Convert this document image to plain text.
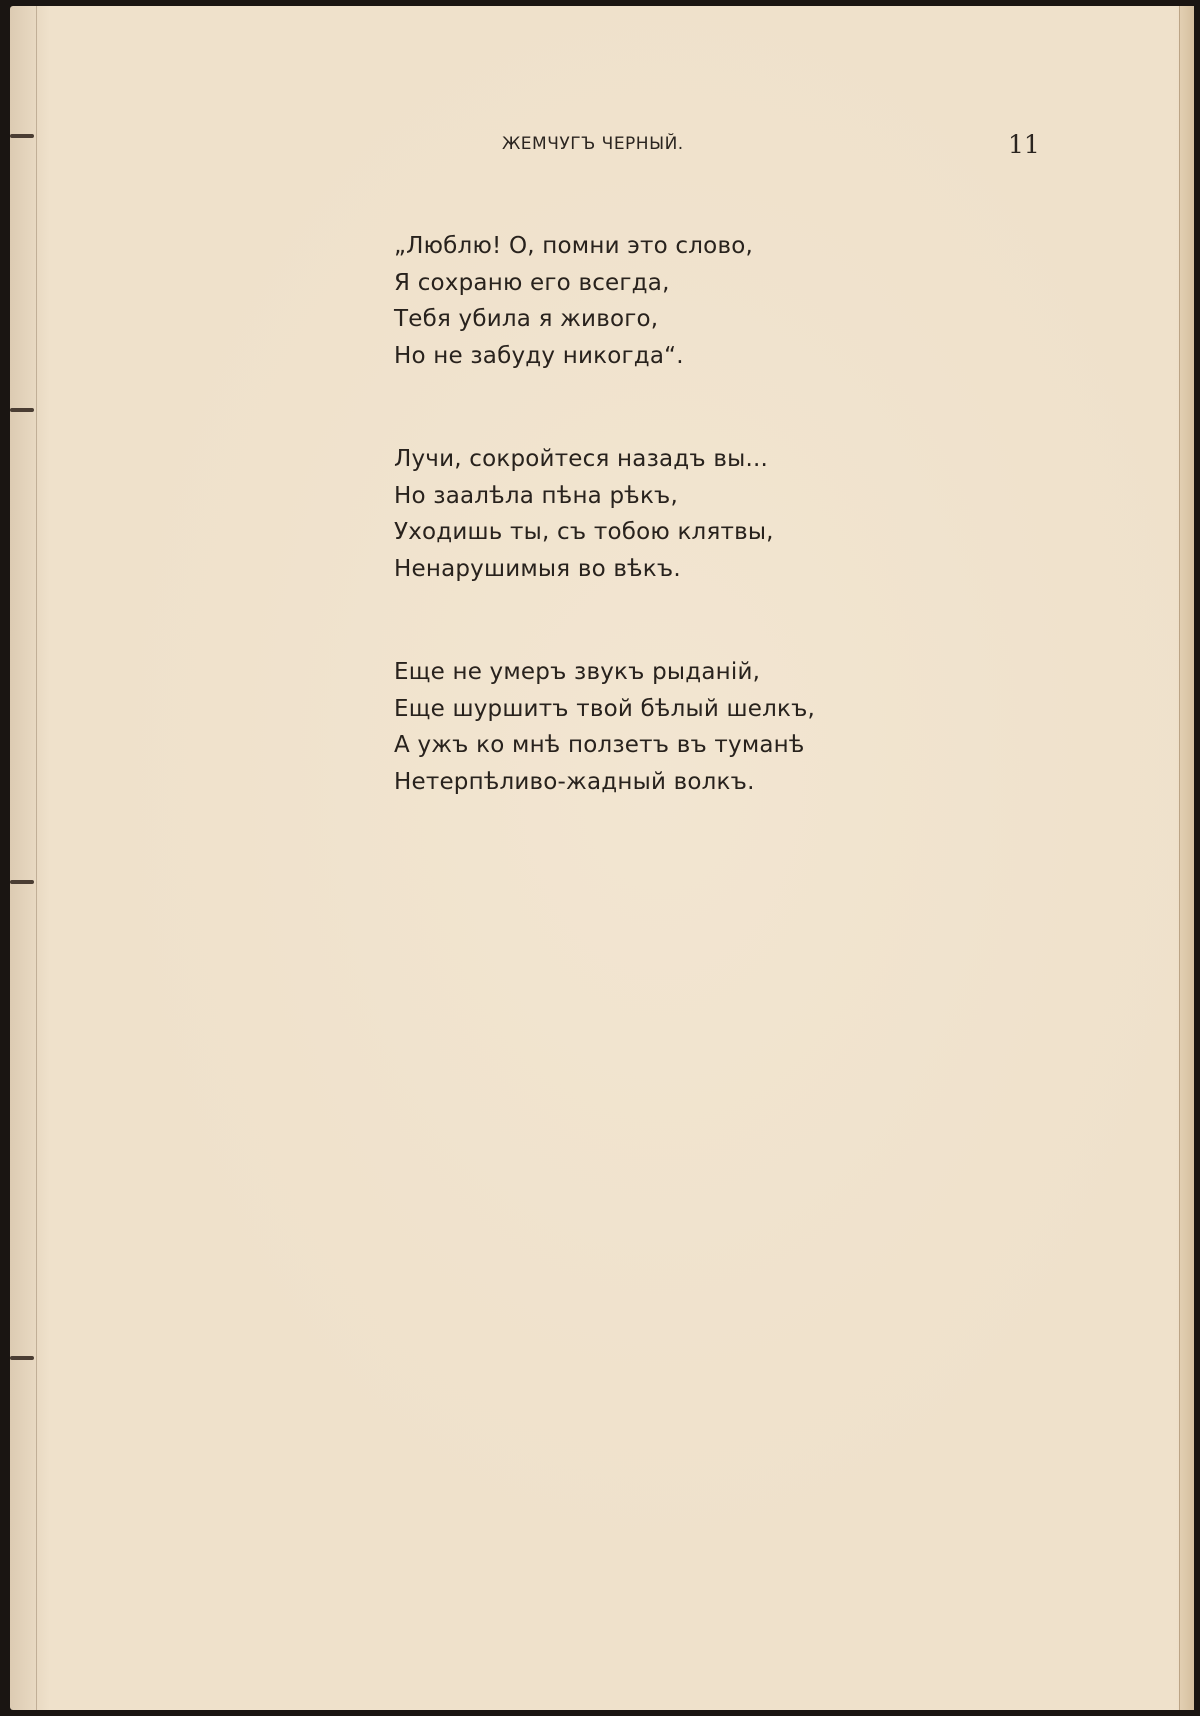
ЖЕМЧУГЪ ЧЕРНЫЙ.	11
„Люблю! О, помни это слово,
Я сохраню его всегда,
Тебя убила я живого,
Но не забуду никогда“.
Лучи, сокройтеся назадъ вы...
Но заалѣла пѣна рѣкъ,
Уходишь ты, съ тобою клятвы,
Ненарушимыя во вѣкъ.
Еще не умеръ звукъ рыданій,
Еще шуршитъ твой бѣлый шелкъ,
А ужъ ко мнѣ ползетъ въ туманѣ
Нетерпѣливо-жадный волкъ.
